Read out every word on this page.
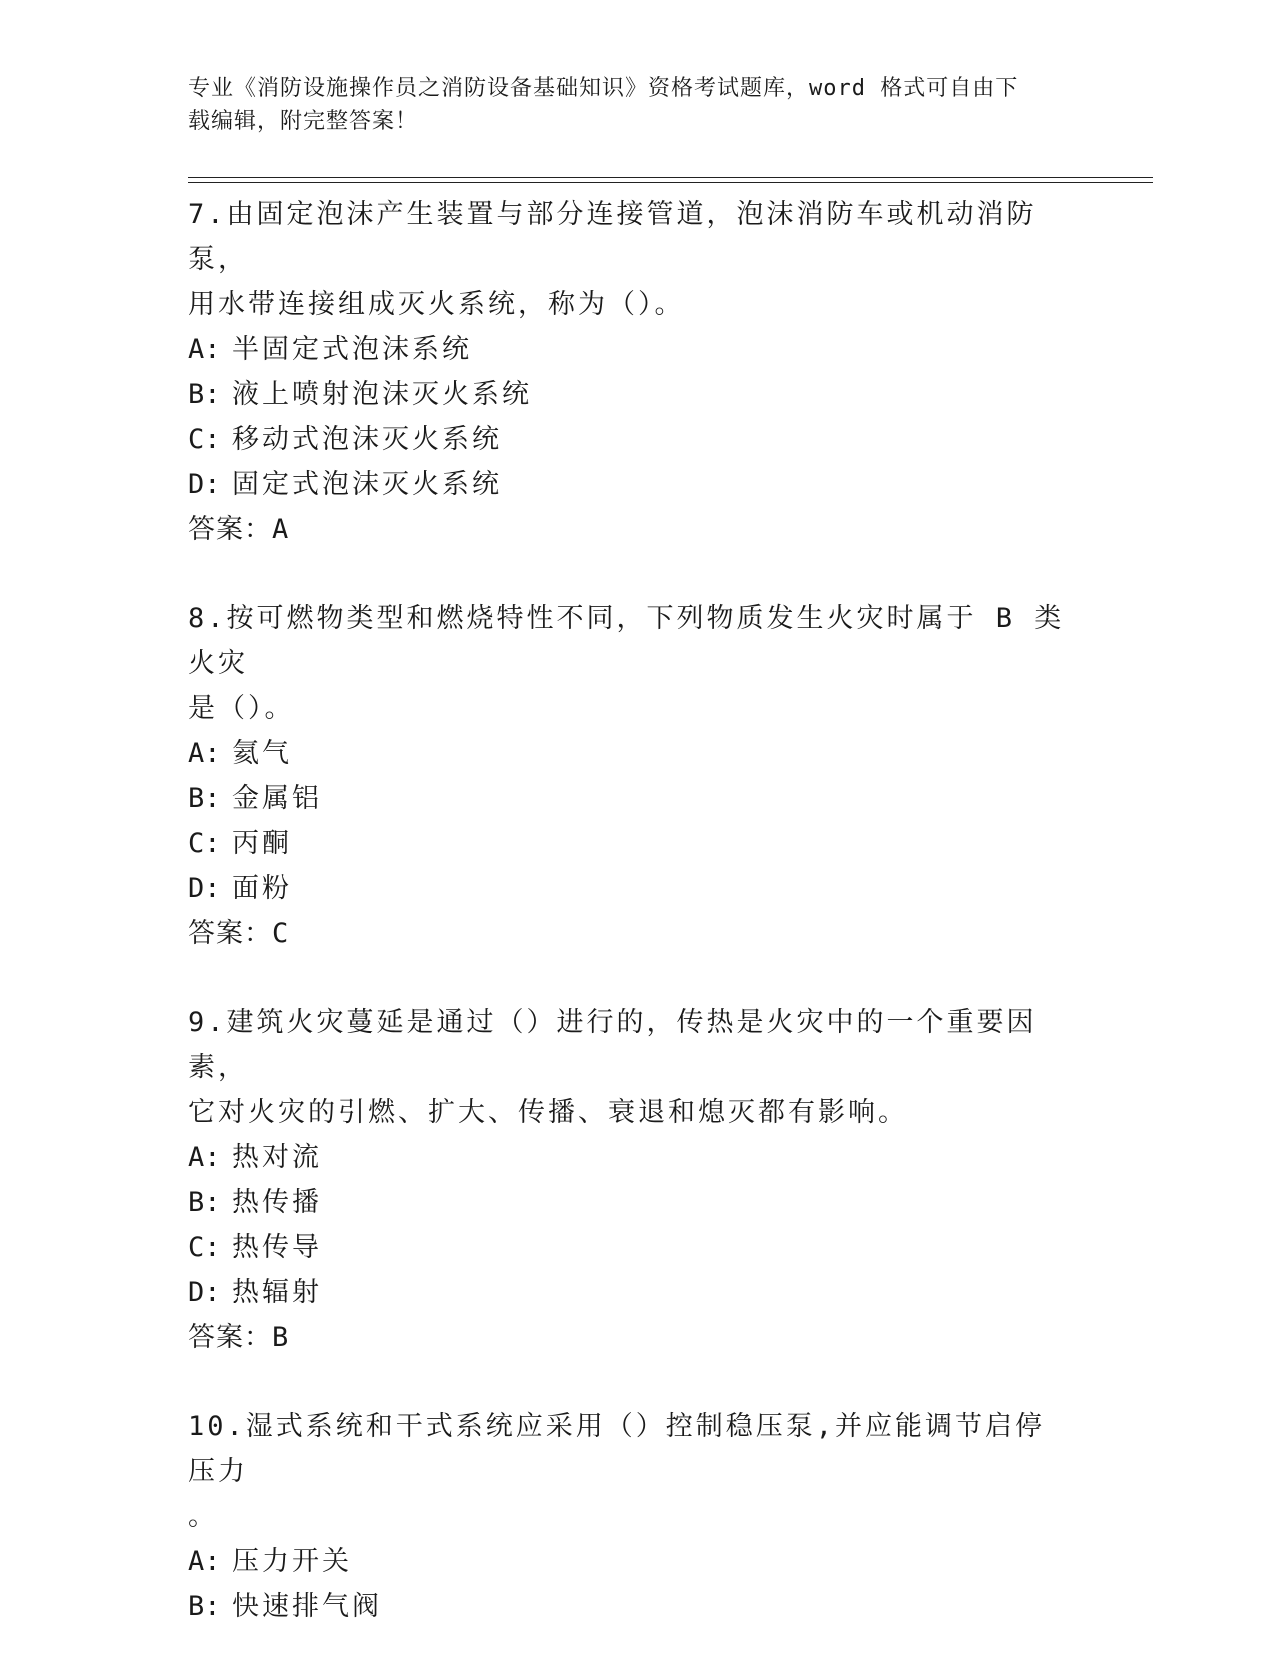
专业《消防设施操作员之消防设备基础知识》资格考试题库，word 格式可自由下
载编辑，附完整答案！
7.由固定泡沫产生装置与部分连接管道，泡沫消防车或机动消防泵，
用水带连接组成灭火系统，称为（）。
A: 半固定式泡沫系统
B: 液上喷射泡沫灭火系统
C: 移动式泡沫灭火系统
D: 固定式泡沫灭火系统
答案：A
8.按可燃物类型和燃烧特性不同，下列物质发生火灾时属于 B 类火灾
是（）。
A: 氦气
B: 金属铝
C: 丙酮
D: 面粉
答案：C
9.建筑火灾蔓延是通过（）进行的，传热是火灾中的一个重要因素，
它对火灾的引燃、扩大、传播、衰退和熄灭都有影响。
A: 热对流
B: 热传播
C: 热传导
D: 热辐射
答案：B
10.湿式系统和干式系统应采用（）控制稳压泵,并应能调节启停压力
。
A: 压力开关
B: 快速排气阀
